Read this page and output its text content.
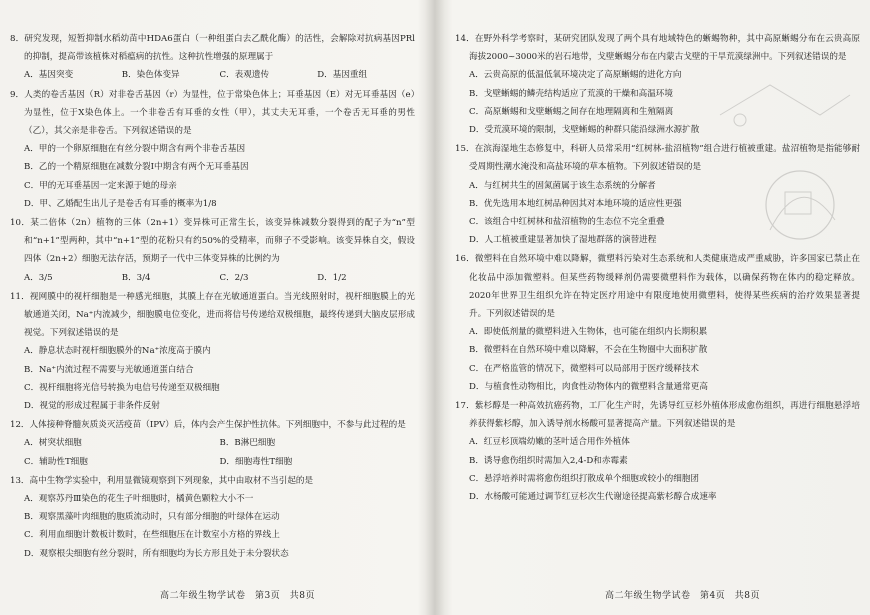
8．研究发现，短暂抑制水稻幼苗中HDA6蛋白（一种组蛋白去乙酰化酶）的活性，会解除对抗病基因PRl的抑制，提高带该植株对稻瘟病的抗性。这种抗性增强的原理属于
A．基因突变	B．染色体变异	C．表观遗传	D．基因重组
9．人类的卷舌基因（R）对非卷舌基因（r）为显性，位于常染色体上；耳垂基因（E）对无耳垂基因（e）为显性，位于X染色体上。一个非卷舌有耳垂的女性（甲），其丈夫无耳垂，一个卷舌无耳垂的男性（乙），其父亲是非卷舌。下列叙述错误的是
A．甲的一个卵原细胞在有丝分裂中期含有两个非卷舌基因
B．乙的一个精原细胞在减数分裂Ⅰ中期含有两个无耳垂基因
C．甲的无耳垂基因一定来源于她的母亲
D．甲、乙婚配生出儿子是卷舌有耳垂的概率为1/8
10．某二倍体（2n）植物的三体（2n+1）变异株可正常生长，该变异株减数分裂得到的配子为“n”型和“n+1”型两种，其中“n+1”型的花粉只有约50%的受精率，而卵子不受影响。该变异株自交，假设四体（2n+2）细胞无法存活，预期子一代中三体变异株的比例约为
A．3/5	B．3/4	C．2/3	D．1/2
11．视网膜中的视杆细胞是一种感光细胞，其膜上存在光敏通道蛋白。当光线照射时，视杆细胞膜上的光敏通道关闭，Na⁺内流减少，细胞膜电位变化，进而将信号传递给双极细胞，最终传递到大脑皮层形成视觉。下列叙述错误的是
A．静息状态时视杆细胞膜外的Na⁺浓度高于膜内
B．Na⁺内流过程不需要与光敏通道蛋白结合
C．视杆细胞将光信号转换为电信号传递至双极细胞
D．视觉的形成过程属于非条件反射
12．人体接种脊髓灰质炎灭活疫苗（IPV）后，体内会产生保护性抗体。下列细胞中，不参与此过程的是
A．树突状细胞	B．B淋巴细胞
C．辅助性T细胞	D．细胞毒性T细胞
13．高中生物学实验中，利用显微镜观察到下列现象，其中由取材不当引起的是
A．观察苏丹Ⅲ染色的花生子叶细胞时，橘黄色颗粒大小不一
B．观察黑藻叶肉细胞的胞质流动时，只有部分细胞的叶绿体在运动
C．利用血细胞计数板计数时，在些细胞压在计数室小方格的界线上
D．观察根尖细胞有丝分裂时，所有细胞均为长方形且处于未分裂状态
14．在野外科学考察时，某研究团队发现了两个具有地域特色的蜥蜴物种，其中高原蜥蜴分布在云贵高原海拔2000~3000米的岩石地带，戈壁蜥蜴分布在内蒙古戈壁的干旱荒漠绿洲中。下列叙述错误的是
A．云贵高原的低温低氧环境决定了高原蜥蜴的进化方向
B．戈壁蜥蜴的鳞壳结构适应了荒漠的干燥和高温环境
C．高原蜥蜴和戈壁蜥蜴之间存在地理隔离和生殖隔离
D．受荒漠环境的限制，戈壁蜥蜴的种群只能沿绿洲水源扩散
15．在滨海湿地生态修复中，科研人员常采用“红树林-盐沼植物”组合进行植被重建。盐沼植物是指能够耐受周期性潮水淹没和高盐环境的草本植物。下列叙述错误的是
A．与红树共生的固氮菌属于该生态系统的分解者
B．优先选用本地红树品种因其对本地环境的适应性更强
C．该组合中红树林和盐沼植物的生态位不完全重叠
D．人工植被重建显著加快了湿地群落的演替进程
16．微塑料在自然环境中难以降解，微塑料污染对生态系统和人类健康造成严重威胁，许多国家已禁止在化妆品中添加微塑料。但某些药物缓释剂仍需要微塑料作为载体，以确保药物在体内的稳定释放。2020年世界卫生组织允许在特定医疗用途中有限度地使用微塑料，使得某些疾病的治疗效果显著提升。下列叙述错误的是
A．即使低剂量的微塑料进入生物体，也可能在组织内长期积累
B．微塑料在自然环境中难以降解，不会在生物圈中大面积扩散
C．在严格监管的情况下，微塑料可以局部用于医疗缓释技术
D．与植食性动物相比，肉食性动物体内的微塑料含量通常更高
17．紫杉醇是一种高效抗癌药物，工厂化生产时，先诱导红豆杉外植体形成愈伤组织，再进行细胞悬浮培养获得紫杉醇，加入诱导剂水杨酸可显著提高产量。下列叙述错误的是
A．红豆杉顶端幼嫩的茎叶适合用作外植体
B．诱导愈伤组织时需加入2,4-D和赤霉素
C．悬浮培养时需将愈伤组织打散成单个细胞或较小的细胞团
D．水杨酸可能通过调节红豆杉次生代谢途径提高紫杉醇合成速率
高二年级生物学试卷　第3页　共8页	高二年级生物学试卷　第4页　共8页
